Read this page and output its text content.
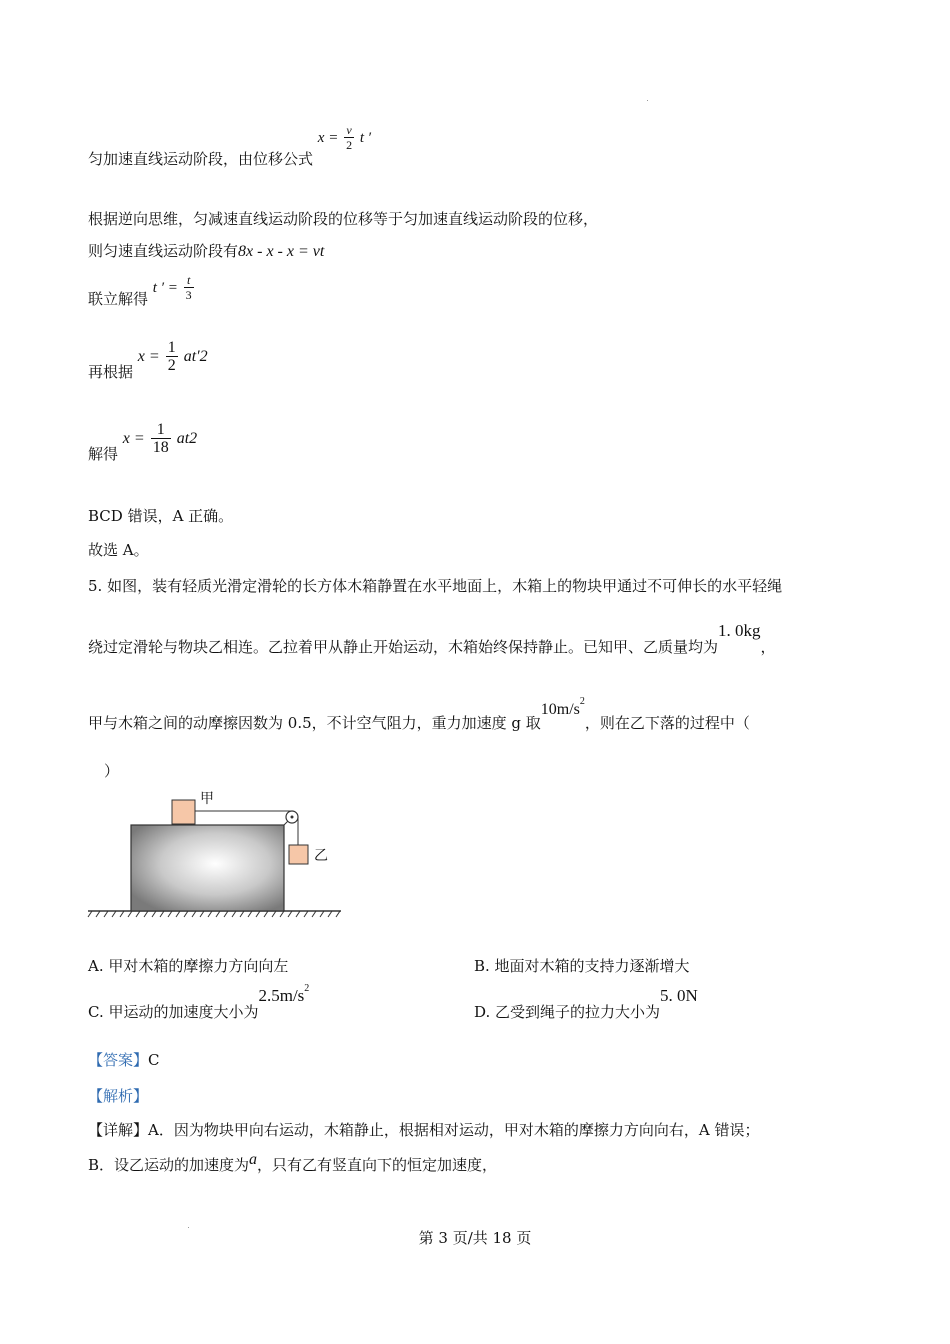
匀加速直线运动阶段，由位移公式 $x = \frac{v}{2}$ t ′
根据逆向思维，匀减速直线运动阶段的位移等于匀加速直线运动阶段的位移，
则匀速直线运动阶段有8x - x - x = vt
联立解得 t ′ = $\frac{t}{3}$
再根据 $x = \frac{1}{2} at'2$
解得 $x = \frac{1}{18} at2$
BCD 错误，A 正确。
故选 A。
5. 如图，装有轻质光滑定滑轮的长方体木箱静置在水平地面上，木箱上的物块甲通过不可伸长的水平轻绳
绕过定滑轮与物块乙相连。乙拉着甲从静止开始运动，木箱始终保持静止。已知甲、乙质量均为1. 0kg，
甲与木箱之间的动摩擦因数为 0.5，不计空气阻力，重力加速度 g 取$10m/s^2$，则在乙下落的过程中（
）
甲
乙
A. 甲对木箱的摩擦力方向向左	B. 地面对木箱的支持力逐渐增大
C. 甲运动的加速度大小为$2.5m/s^2$
D. 乙受到绳子的拉力大小为5. 0N
【答案】C
【解析】
【详解】A．因为物块甲向右运动，木箱静止，根据相对运动，甲对木箱的摩擦力方向向右，A 错误；
B．设乙运动的加速度为a，只有乙有竖直向下的恒定加速度，
第 3 页/共 18 页
